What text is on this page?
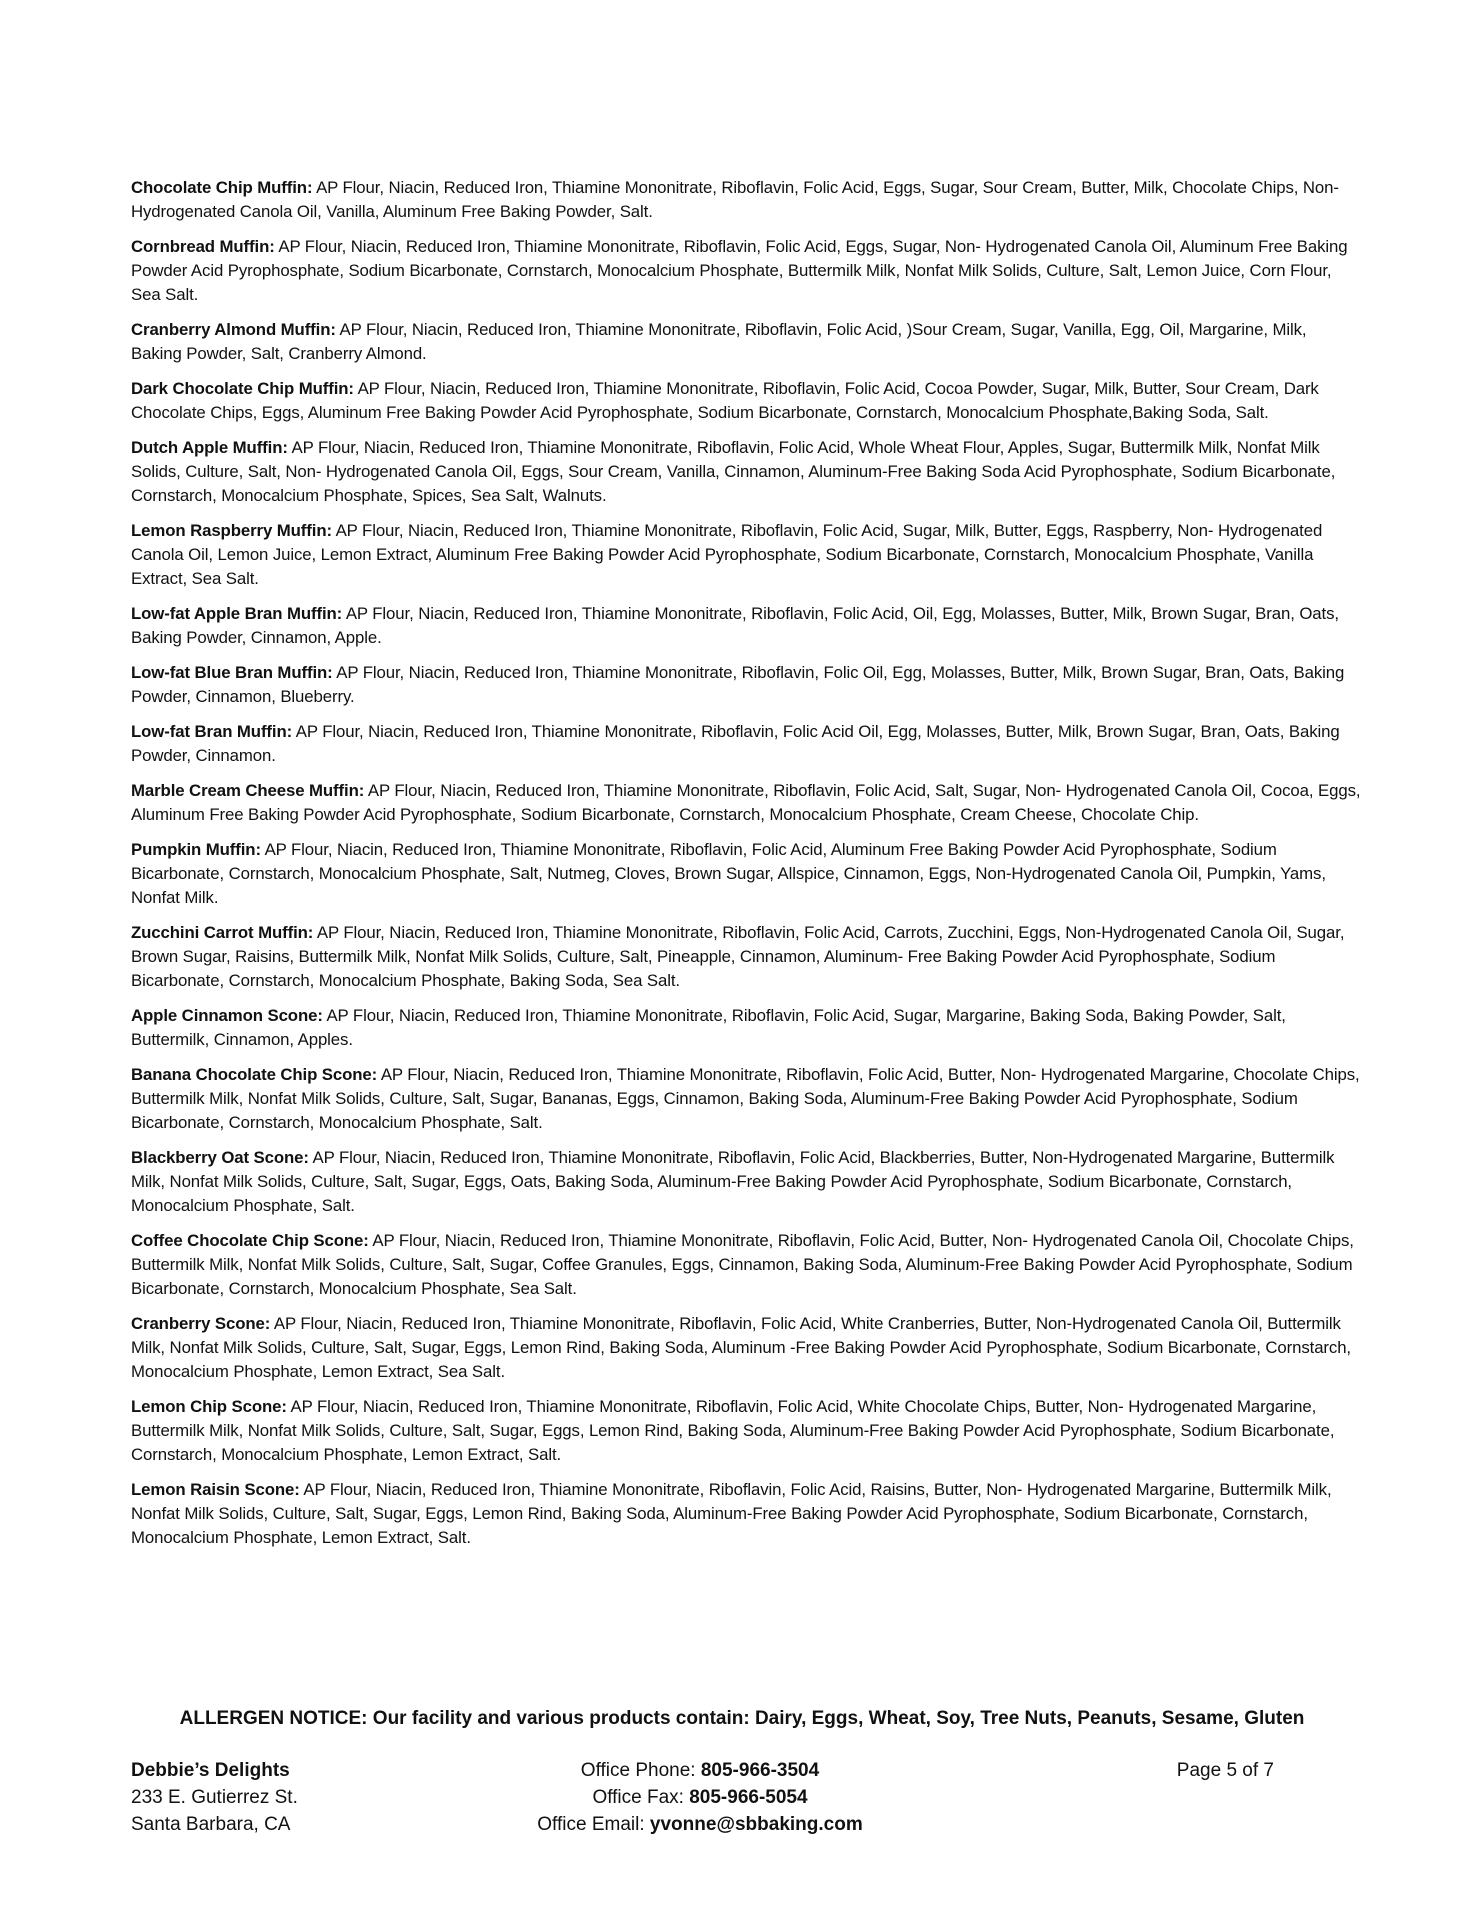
Chocolate Chip Muffin: AP Flour, Niacin, Reduced Iron, Thiamine Mononitrate, Riboflavin, Folic Acid, Eggs, Sugar, Sour Cream, Butter, Milk, Chocolate Chips, Non- Hydrogenated Canola Oil, Vanilla, Aluminum Free Baking Powder, Salt.

Cornbread Muffin: AP Flour, Niacin, Reduced Iron, Thiamine Mononitrate, Riboflavin, Folic Acid, Eggs, Sugar, Non- Hydrogenated Canola Oil, Aluminum Free Baking Powder Acid Pyrophosphate, Sodium Bicarbonate, Cornstarch, Monocalcium Phosphate, Buttermilk Milk, Nonfat Milk Solids, Culture, Salt, Lemon Juice, Corn Flour, Sea Salt.

Cranberry Almond Muffin: AP Flour, Niacin, Reduced Iron, Thiamine Mononitrate, Riboflavin, Folic Acid, )Sour Cream, Sugar, Vanilla, Egg, Oil, Margarine, Milk, Baking Powder, Salt, Cranberry Almond.

Dark Chocolate Chip Muffin: AP Flour, Niacin, Reduced Iron, Thiamine Mononitrate, Riboflavin, Folic Acid, Cocoa Powder, Sugar, Milk, Butter, Sour Cream, Dark Chocolate Chips, Eggs, Aluminum Free Baking Powder Acid Pyrophosphate, Sodium Bicarbonate, Cornstarch, Monocalcium Phosphate,Baking Soda, Salt.

Dutch Apple Muffin: AP Flour, Niacin, Reduced Iron, Thiamine Mononitrate, Riboflavin, Folic Acid, Whole Wheat Flour, Apples, Sugar, Buttermilk Milk, Nonfat Milk Solids, Culture, Salt, Non- Hydrogenated Canola Oil, Eggs, Sour Cream, Vanilla, Cinnamon, Aluminum-Free Baking Soda Acid Pyrophosphate, Sodium Bicarbonate, Cornstarch, Monocalcium Phosphate, Spices, Sea Salt, Walnuts.

Lemon Raspberry Muffin: AP Flour, Niacin, Reduced Iron, Thiamine Mononitrate, Riboflavin, Folic Acid, Sugar, Milk, Butter, Eggs, Raspberry, Non- Hydrogenated Canola Oil, Lemon Juice, Lemon Extract, Aluminum Free Baking Powder Acid Pyrophosphate, Sodium Bicarbonate, Cornstarch, Monocalcium Phosphate, Vanilla Extract, Sea Salt.

Low-fat Apple Bran Muffin: AP Flour, Niacin, Reduced Iron, Thiamine Mononitrate, Riboflavin, Folic Acid, Oil, Egg, Molasses, Butter, Milk, Brown Sugar, Bran, Oats, Baking Powder, Cinnamon, Apple.

Low-fat Blue Bran Muffin: AP Flour, Niacin, Reduced Iron, Thiamine Mononitrate, Riboflavin, Folic Oil, Egg, Molasses, Butter, Milk, Brown Sugar, Bran, Oats, Baking Powder, Cinnamon, Blueberry.

Low-fat Bran Muffin: AP Flour, Niacin, Reduced Iron, Thiamine Mononitrate, Riboflavin, Folic Acid Oil, Egg, Molasses, Butter, Milk, Brown Sugar, Bran, Oats, Baking Powder, Cinnamon.

Marble Cream Cheese Muffin: AP Flour, Niacin, Reduced Iron, Thiamine Mononitrate, Riboflavin, Folic Acid, Salt, Sugar, Non- Hydrogenated Canola Oil, Cocoa, Eggs, Aluminum Free Baking Powder Acid Pyrophosphate, Sodium Bicarbonate, Cornstarch, Monocalcium Phosphate, Cream Cheese, Chocolate Chip.

Pumpkin Muffin: AP Flour, Niacin, Reduced Iron, Thiamine Mononitrate, Riboflavin, Folic Acid, Aluminum Free Baking Powder Acid Pyrophosphate, Sodium Bicarbonate, Cornstarch, Monocalcium Phosphate, Salt, Nutmeg, Cloves, Brown Sugar, Allspice, Cinnamon, Eggs, Non-Hydrogenated Canola Oil, Pumpkin, Yams, Nonfat Milk.

Zucchini Carrot Muffin: AP Flour, Niacin, Reduced Iron, Thiamine Mononitrate, Riboflavin, Folic Acid, Carrots, Zucchini, Eggs, Non-Hydrogenated Canola Oil, Sugar, Brown Sugar, Raisins, Buttermilk Milk, Nonfat Milk Solids, Culture, Salt, Pineapple, Cinnamon, Aluminum- Free Baking Powder Acid Pyrophosphate, Sodium Bicarbonate, Cornstarch, Monocalcium Phosphate, Baking Soda, Sea Salt.

Apple Cinnamon Scone: AP Flour, Niacin, Reduced Iron, Thiamine Mononitrate, Riboflavin, Folic Acid, Sugar, Margarine, Baking Soda, Baking Powder, Salt, Buttermilk, Cinnamon, Apples.

Banana Chocolate Chip Scone: AP Flour, Niacin, Reduced Iron, Thiamine Mononitrate, Riboflavin, Folic Acid, Butter, Non- Hydrogenated Margarine, Chocolate Chips, Buttermilk Milk, Nonfat Milk Solids, Culture, Salt, Sugar, Bananas, Eggs, Cinnamon, Baking Soda, Aluminum-Free Baking Powder Acid Pyrophosphate, Sodium Bicarbonate, Cornstarch, Monocalcium Phosphate, Salt.

Blackberry Oat Scone: AP Flour, Niacin, Reduced Iron, Thiamine Mononitrate, Riboflavin, Folic Acid, Blackberries, Butter, Non-Hydrogenated Margarine, Buttermilk Milk, Nonfat Milk Solids, Culture, Salt, Sugar, Eggs, Oats, Baking Soda, Aluminum-Free Baking Powder Acid Pyrophosphate, Sodium Bicarbonate, Cornstarch, Monocalcium Phosphate, Salt.

Coffee Chocolate Chip Scone: AP Flour, Niacin, Reduced Iron, Thiamine Mononitrate, Riboflavin, Folic Acid, Butter, Non- Hydrogenated Canola Oil, Chocolate Chips, Buttermilk Milk, Nonfat Milk Solids, Culture, Salt, Sugar, Coffee Granules, Eggs, Cinnamon, Baking Soda, Aluminum-Free Baking Powder Acid Pyrophosphate, Sodium Bicarbonate, Cornstarch, Monocalcium Phosphate, Sea Salt.

Cranberry Scone: AP Flour, Niacin, Reduced Iron, Thiamine Mononitrate, Riboflavin, Folic Acid, White Cranberries, Butter, Non-Hydrogenated Canola Oil, Buttermilk Milk, Nonfat Milk Solids, Culture, Salt, Sugar, Eggs, Lemon Rind, Baking Soda, Aluminum -Free Baking Powder Acid Pyrophosphate, Sodium Bicarbonate, Cornstarch, Monocalcium Phosphate, Lemon Extract, Sea Salt.

Lemon Chip Scone: AP Flour, Niacin, Reduced Iron, Thiamine Mononitrate, Riboflavin, Folic Acid, White Chocolate Chips, Butter, Non- Hydrogenated Margarine, Buttermilk Milk, Nonfat Milk Solids, Culture, Salt, Sugar, Eggs, Lemon Rind, Baking Soda, Aluminum-Free Baking Powder Acid Pyrophosphate, Sodium Bicarbonate, Cornstarch, Monocalcium Phosphate, Lemon Extract, Salt.

Lemon Raisin Scone: AP Flour, Niacin, Reduced Iron, Thiamine Mononitrate, Riboflavin, Folic Acid, Raisins, Butter, Non- Hydrogenated Margarine, Buttermilk Milk, Nonfat Milk Solids, Culture, Salt, Sugar, Eggs, Lemon Rind, Baking Soda, Aluminum-Free Baking Powder Acid Pyrophosphate, Sodium Bicarbonate, Cornstarch, Monocalcium Phosphate, Lemon Extract, Salt.

ALLERGEN NOTICE: Our facility and various products contain: Dairy, Eggs, Wheat, Soy, Tree Nuts, Peanuts, Sesame, Gluten
Debbie’s Delights
233 E. Gutierrez St.
Santa Barbara, CA
Office Phone: 805-966-3504
Office Fax: 805-966-5054
Office Email: yvonne@sbbaking.com
Page 5 of 7
